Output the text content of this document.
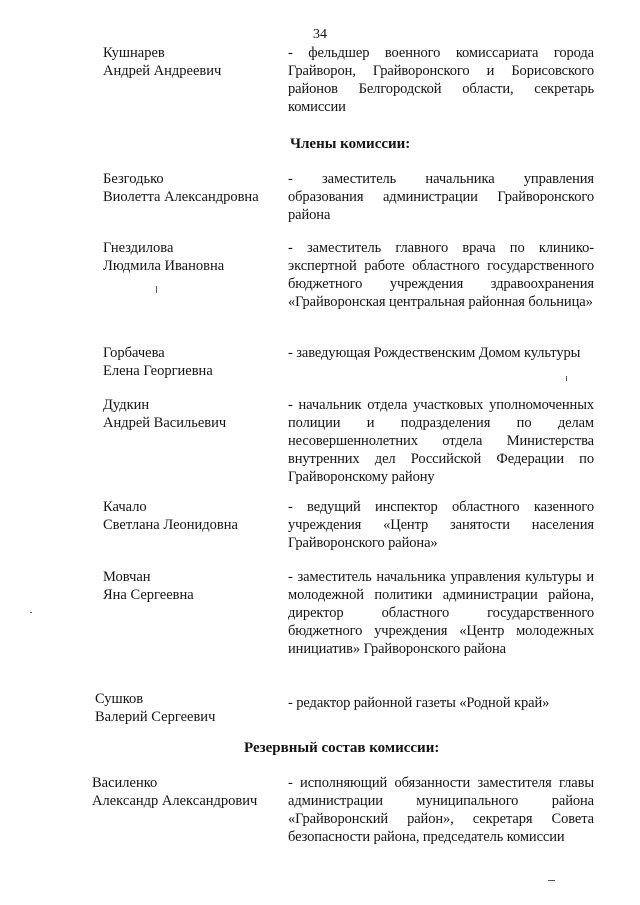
34
Кушнарев
Андрей Андреевич
- фельдшер военного комиссариата города Грайворон, Грайворонского и Борисовского районов Белгородской области, секретарь комиссии
Члены комиссии:
Безгодько
Виолетта Александровна
- заместитель начальника управления образования администрации Грайворонского района
Гнездилова
Людмила Ивановна
- заместитель главного врача по клинико-экспертной работе областного государственного бюджетного учреждения здравоохранения «Грайворонская центральная районная больница»
Горбачева
Елена Георгиевна
- заведующая Рождественским Домом культуры
Дудкин
Андрей Васильевич
- начальник отдела участковых уполномоченных полиции и подразделения по делам несовершеннолетних отдела Министерства внутренних дел Российской Федерации по Грайворонскому району
Качало
Светлана Леонидовна
- ведущий инспектор областного казенного учреждения «Центр занятости населения Грайворонского района»
Мовчан
Яна Сергеевна
- заместитель начальника управления культуры и молодежной политики администрации района, директор областного государственного бюджетного учреждения «Центр молодежных инициатив» Грайворонского района
Сушков
Валерий Сергеевич
- редактор районной газеты «Родной край»
Резервный состав комиссии:
Василенко
Александр Александрович
- исполняющий обязанности заместителя главы администрации муниципального района «Грайворонский район», секретаря Совета безопасности района, председатель комиссии
